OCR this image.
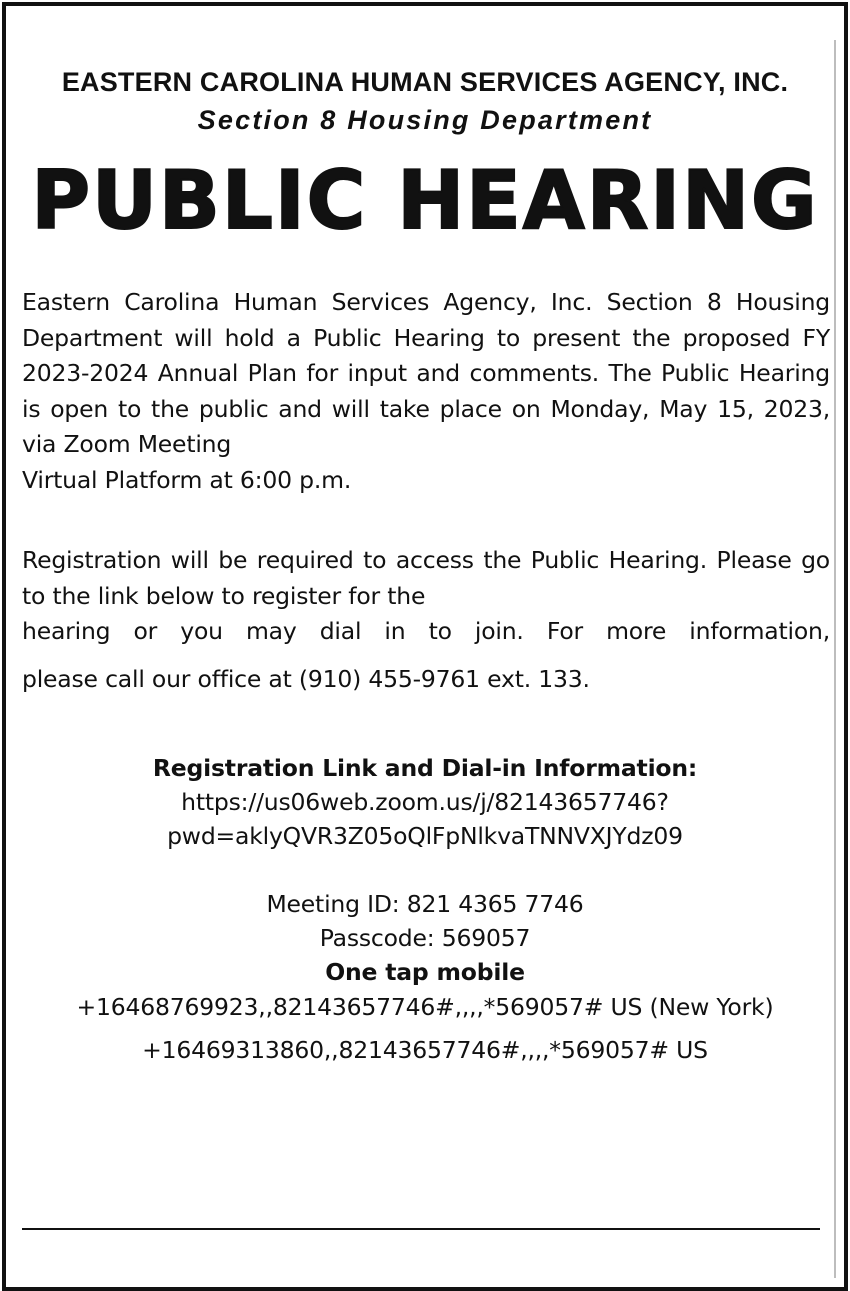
EASTERN CAROLINA HUMAN SERVICES AGENCY, INC.
Section 8 Housing Department
PUBLIC HEARING
Eastern Carolina Human Services Agency, Inc. Section 8 Housing Department will hold a Public Hearing to present the proposed FY 2023-2024 Annual Plan for input and comments. The Public Hearing is open to the public and will take place on Monday, May 15, 2023, via Zoom Meeting
Virtual Platform at 6:00 p.m.
Registration will be required to access the Public Hearing. Please go to the link below to register for the
hearing or you may dial in to join. For more information,
please call our office at (910) 455-9761 ext. 133.
Registration Link and Dial-in Information:
https://us06web.zoom.us/j/82143657746?
pwd=aklyQVR3Z05oQlFpNlkvaTNNVXJYdz09
Meeting ID: 821 4365 7746
Passcode: 569057
One tap mobile
+16468769923,,82143657746#,,,,*569057# US (New York)
+16469313860,,82143657746#,,,,*569057# US
